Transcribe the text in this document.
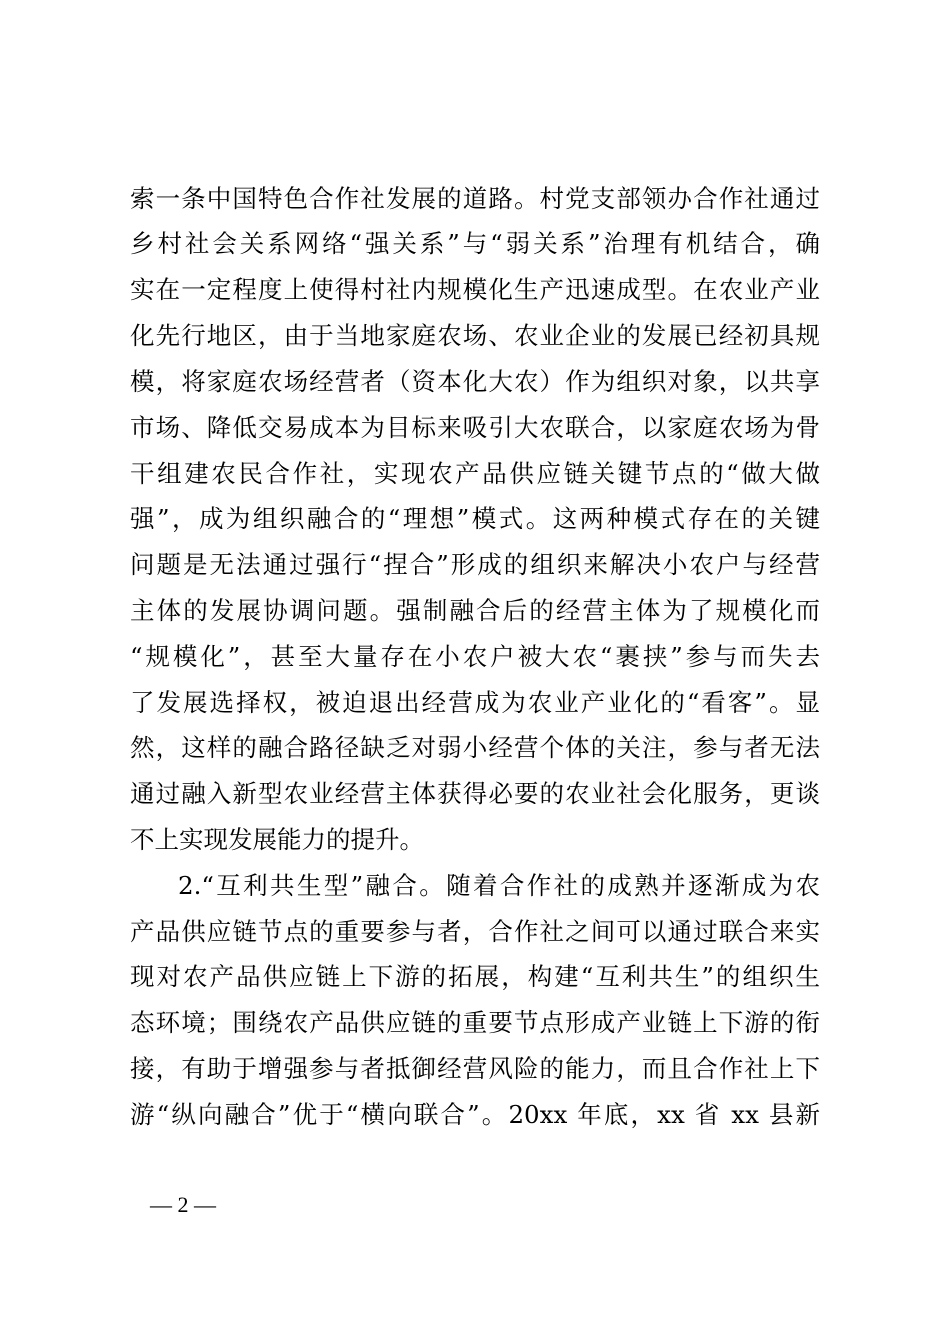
索一条中国特色合作社发展的道路。村党支部领办合作社通过
乡村社会关系网络“强关系”与“弱关系”治理有机结合，确
实在一定程度上使得村社内规模化生产迅速成型。在农业产业
化先行地区，由于当地家庭农场、农业企业的发展已经初具规
模，将家庭农场经营者（资本化大农）作为组织对象，以共享
市场、降低交易成本为目标来吸引大农联合，以家庭农场为骨
干组建农民合作社，实现农产品供应链关键节点的“做大做
强”，成为组织融合的“理想”模式。这两种模式存在的关键
问题是无法通过强行“捏合”形成的组织来解决小农户与经营
主体的发展协调问题。强制融合后的经营主体为了规模化而
“规模化”，甚至大量存在小农户被大农“裹挟”参与而失去
了发展选择权，被迫退出经营成为农业产业化的“看客”。显
然，这样的融合路径缺乏对弱小经营个体的关注，参与者无法
通过融入新型农业经营主体获得必要的农业社会化服务，更谈
不上实现发展能力的提升。
2.“互利共生型”融合。随着合作社的成熟并逐渐成为农
产品供应链节点的重要参与者，合作社之间可以通过联合来实
现对农产品供应链上下游的拓展，构建“互利共生”的组织生
态环境；围绕农产品供应链的重要节点形成产业链上下游的衔
接，有助于增强参与者抵御经营风险的能力，而且合作社上下
游“纵向融合”优于“横向联合”。20xx 年底，xx 省 xx 县新
— 2 —
